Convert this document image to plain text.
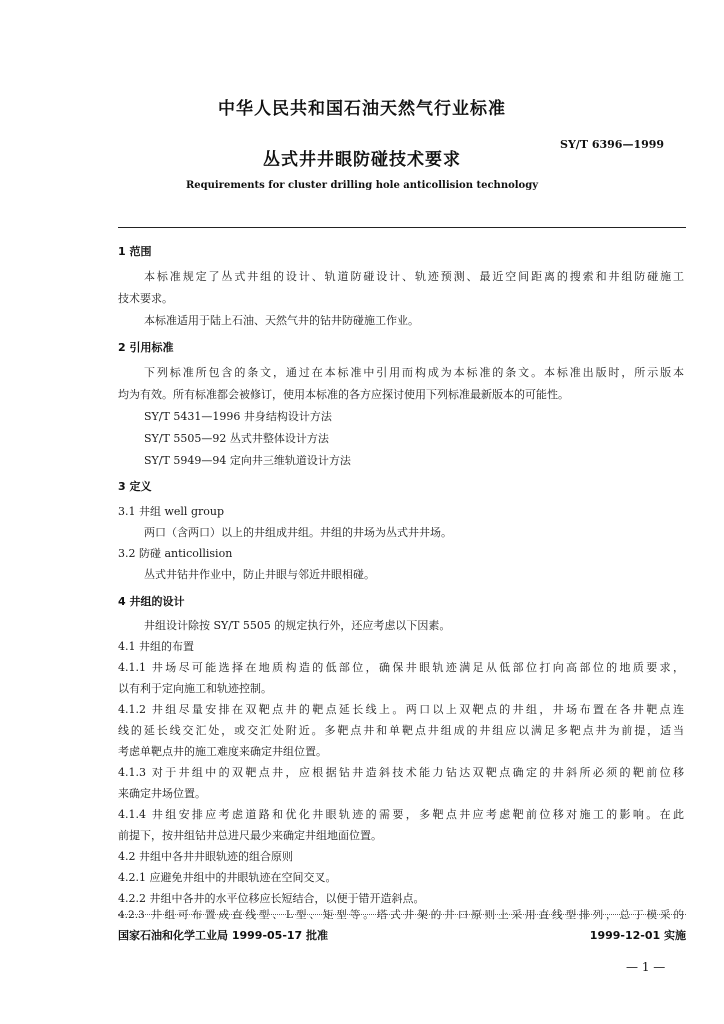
中华人民共和国石油天然气行业标准
SY/T 6396—1999
丛式井井眼防碰技术要求
Requirements for cluster drilling hole anticollision technology
1 范围
本标准规定了丛式井组的设计、轨道防碰设计、轨迹预测、最近空间距离的搜索和井组防碰施工
技术要求。
本标准适用于陆上石油、天然气井的钻井防碰施工作业。
2 引用标准
下列标准所包含的条文，通过在本标准中引用而构成为本标准的条文。本标准出版时，所示版本
均为有效。所有标准都会被修订，使用本标准的各方应探讨使用下列标准最新版本的可能性。
SY/T 5431—1996 井身结构设计方法
SY/T 5505—92 丛式井整体设计方法
SY/T 5949—94 定向井三维轨道设计方法
3 定义
3.1 井组 well group
两口（含两口）以上的井组成井组。井组的井场为丛式井井场。
3.2 防碰 anticollision
丛式井钻井作业中，防止井眼与邻近井眼相碰。
4 井组的设计
井组设计除按 SY/T 5505 的规定执行外，还应考虑以下因素。
4.1 井组的布置
4.1.1 井场尽可能选择在地质构造的低部位，确保井眼轨迹满足从低部位打向高部位的地质要求，
以有利于定向施工和轨迹控制。
4.1.2 井组尽量安排在双靶点井的靶点延长线上。两口以上双靶点的井组，井场布置在各井靶点连
线的延长线交汇处，或交汇处附近。多靶点井和单靶点井组成的井组应以满足多靶点井为前提，适当
考虑单靶点井的施工难度来确定井组位置。
4.1.3 对于井组中的双靶点井，应根据钻井造斜技术能力钻达双靶点确定的井斜所必须的靶前位移
来确定井场位置。
4.1.4 井组安排应考虑道路和优化井眼轨迹的需要，多靶点井应考虑靶前位移对施工的影响。在此
前提下，按井组钻井总进尺最少来确定井组地面位置。
4.2 井组中各井井眼轨迹的组合原则
4.2.1 应避免井组中的井眼轨迹在空间交叉。
4.2.2 井组中各井的水平位移应长短结合，以便于错开造斜点。
4.2.3 井组可布置成直线型、L型、矩型等。塔式井架的井口原则上采用直线型排列，总丁模采的
国家石油和化学工业局 1999-05-17 批准	1999-12-01 实施
— 1 —
